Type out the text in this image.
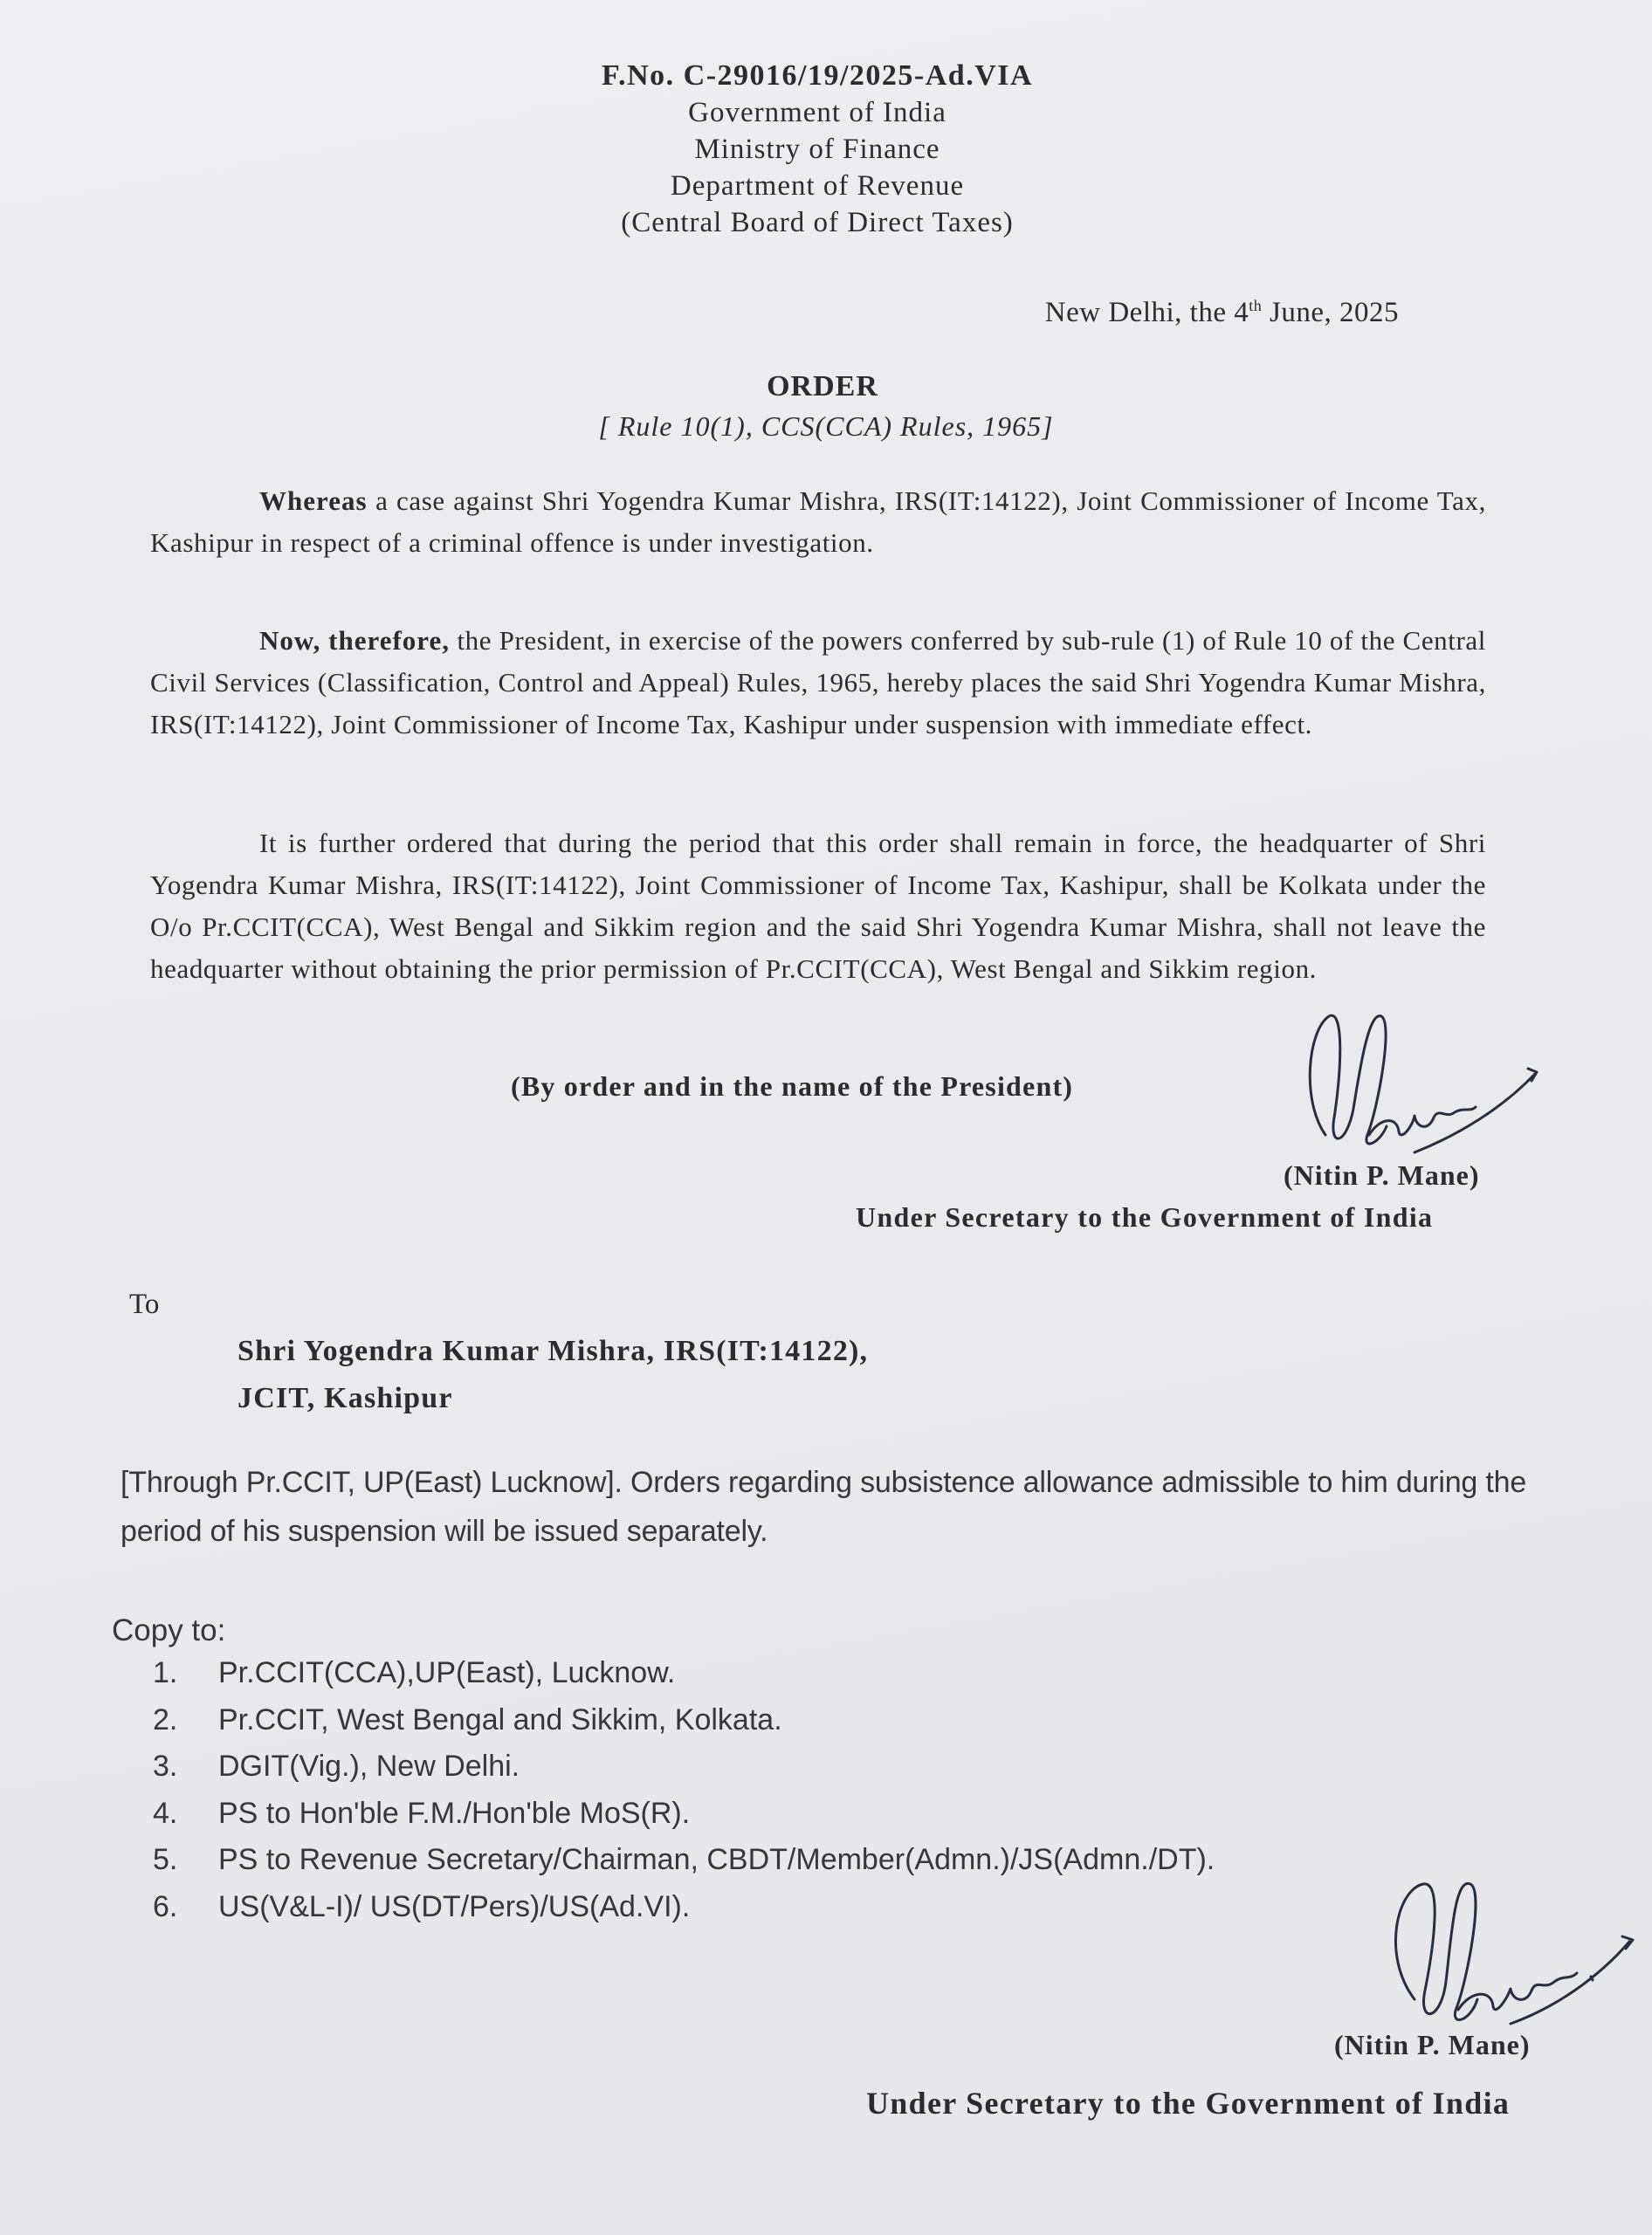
F.No. C-29016/19/2025-Ad.VIA
Government of India
Ministry of Finance
Department of Revenue
(Central Board of Direct Taxes)
New Delhi, the 4th June, 2025
ORDER
[ Rule 10(1), CCS(CCA) Rules, 1965]
Whereas a case against Shri Yogendra Kumar Mishra, IRS(IT:14122), Joint Commissioner of Income Tax, Kashipur in respect of a criminal offence is under investigation.
Now, therefore, the President, in exercise of the powers conferred by sub-rule (1) of Rule 10 of the Central Civil Services (Classification, Control and Appeal) Rules, 1965, hereby places the said Shri Yogendra Kumar Mishra, IRS(IT:14122), Joint Commissioner of Income Tax, Kashipur under suspension with immediate effect.
It is further ordered that during the period that this order shall remain in force, the headquarter of Shri Yogendra Kumar Mishra, IRS(IT:14122), Joint Commissioner of Income Tax, Kashipur, shall be Kolkata under the O/o Pr.CCIT(CCA), West Bengal and Sikkim region and the said Shri Yogendra Kumar Mishra, shall not leave the headquarter without obtaining the prior permission of Pr.CCIT(CCA), West Bengal and Sikkim region.
(By order and in the name of the President)
(Nitin P. Mane)
Under Secretary to the Government of India
To
Shri Yogendra Kumar Mishra, IRS(IT:14122),
JCIT, Kashipur
[Through Pr.CCIT, UP(East) Lucknow]. Orders regarding subsistence allowance admissible to him during the period of his suspension will be issued separately.
Copy to:
1.	Pr.CCIT(CCA),UP(East), Lucknow.
2.	Pr.CCIT, West Bengal and Sikkim, Kolkata.
3.	DGIT(Vig.), New Delhi.
4.	PS to Hon'ble F.M./Hon'ble MoS(R).
5.	PS to Revenue Secretary/Chairman, CBDT/Member(Admn.)/JS(Admn./DT).
6.	US(V&L-I)/ US(DT/Pers)/US(Ad.VI).
(Nitin P. Mane)
Under Secretary to the Government of India
